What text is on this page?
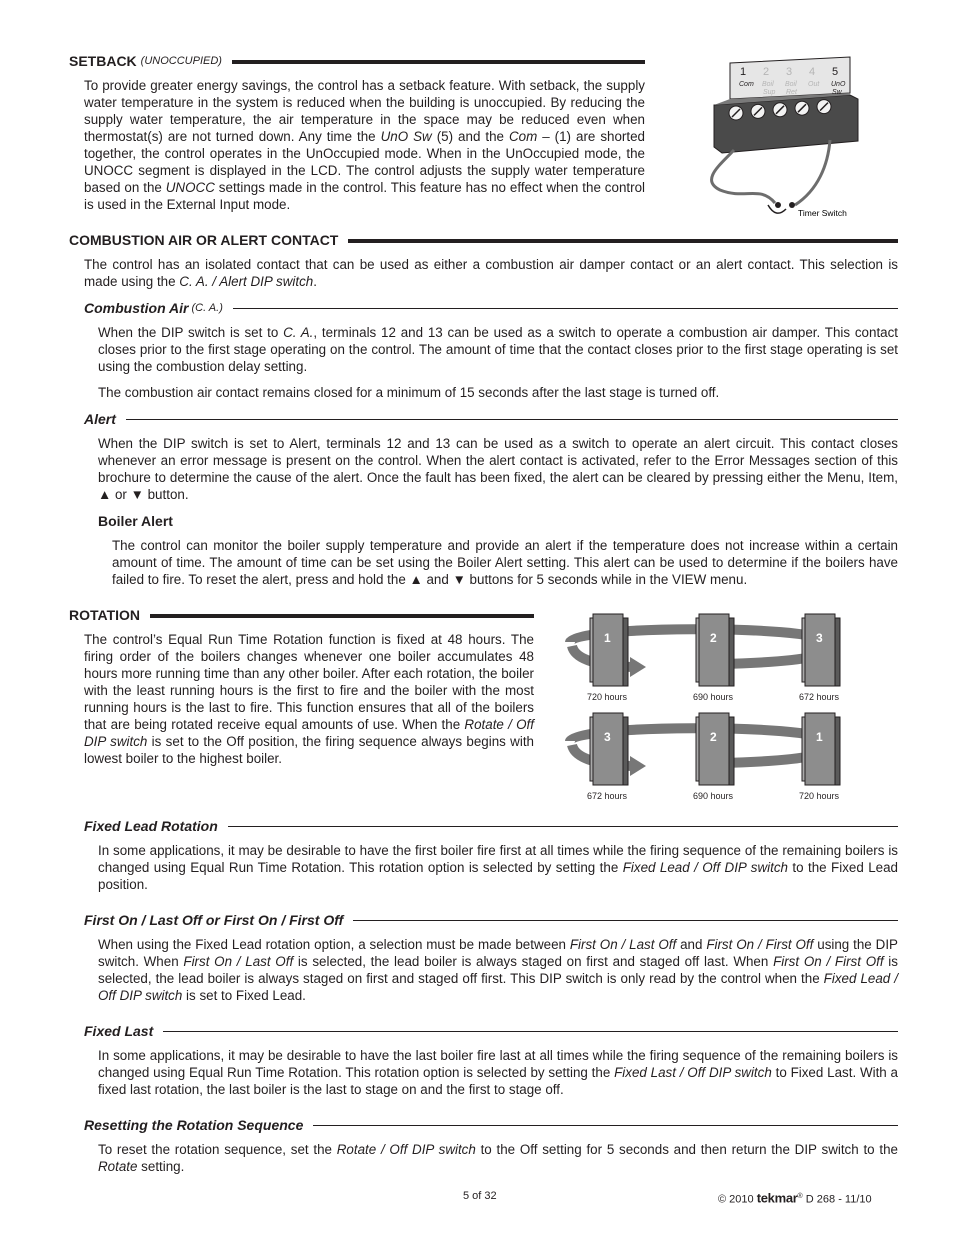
SETBACK (UNOCCUPIED)

To provide greater energy savings, the control has a setback feature. With setback, the supply water temperature in the system is reduced when the building is unoccupied. By reducing the supply water temperature, the air temperature in the space may be reduced even when thermostat(s) are not turned down. Any time the UnO Sw (5) and the Com – (1) are shorted together, the control operates in the UnOccupied mode. When in the UnOccupied mode, the UNOCC segment is displayed in the LCD. The control adjusts the supply water temperature based on the UNOCC settings made in the control. This feature has no effect when the control is used in the External Input mode.

1
Com
2
Boil
Sup
3
Boil
Ret
4
Out
5
UnO
Sw
Timer Switch
COMBUSTION AIR OR ALERT CONTACT

The control has an isolated contact that can be used as either a combustion air damper contact or an alert contact. This selection is made using the C. A. / Alert DIP switch.

Combustion Air (C. A.)

When the DIP switch is set to C. A., terminals 12 and 13 can be used as a switch to operate a combustion air damper. This contact closes prior to the first stage operating on the control. The amount of time that the contact closes prior to the first stage operating is set using the combustion delay setting.

The combustion air contact remains closed for a minimum of 15 seconds after the last stage is turned off.

Alert

When the DIP switch is set to Alert, terminals 12 and 13 can be used as a switch to operate an alert circuit. This contact closes whenever an error message is present on the control. When the alert contact is activated, refer to the Error Messages section of this brochure to determine the cause of the alert. Once the fault has been fixed, the alert can be cleared by pressing either the Menu, Item, ▲ or ▼ button.

Boiler Alert

The control can monitor the boiler supply temperature and provide an alert if the temperature does not increase within a certain amount of time. The amount of time can be set using the Boiler Alert setting. This alert can be used to determine if the boilers have failed to fire. To reset the alert, press and hold the ▲ and ▼ buttons for 5 seconds while in the VIEW menu.

ROTATION

The control’s Equal Run Time Rotation function is fixed at 48 hours. The firing order of the boilers changes whenever one boiler accumulates 48 hours more running time than any other boiler. After each rotation, the boiler with the least running hours is the first to fire and the boiler with the most running hours is the last to fire. This function ensures that all of the boilers that are being rotated receive equal amounts of use. When the Rotate / Off DIP switch is set to the Off position, the firing sequence always begins with lowest boiler to the highest boiler.

1
720 hours
2
690 hours
3
672 hours
3
672 hours
2
690 hours
1
720 hours
Fixed Lead Rotation

In some applications, it may be desirable to have the first boiler fire first at all times while the firing sequence of the remaining boilers is changed using Equal Run Time Rotation. This rotation option is selected by setting the Fixed Lead / Off DIP switch to the Fixed Lead position.

First On / Last Off or First On / First Off

When using the Fixed Lead rotation option, a selection must be made between First On / Last Off and First On / First Off using the DIP switch. When First On / Last Off is selected, the lead boiler is always staged on first and staged off last. When First On / First Off is selected, the lead boiler is always staged on first and staged off first. This DIP switch is only read by the control when the Fixed Lead / Off DIP switch is set to Fixed Lead.

Fixed Last

In some applications, it may be desirable to have the last boiler fire last at all times while the firing sequence of the remaining boilers is changed using Equal Run Time Rotation. This rotation option is selected by setting the Fixed Last / Off DIP switch to Fixed Last. With a fixed last rotation, the last boiler is the last to stage on and the first to stage off.

Resetting the Rotation Sequence

To reset the rotation sequence, set the Rotate / Off DIP switch to the Off setting for 5 seconds and then return the DIP switch to the Rotate setting.

5 of 32	© 2010 tekmar® D 268 - 11/10
